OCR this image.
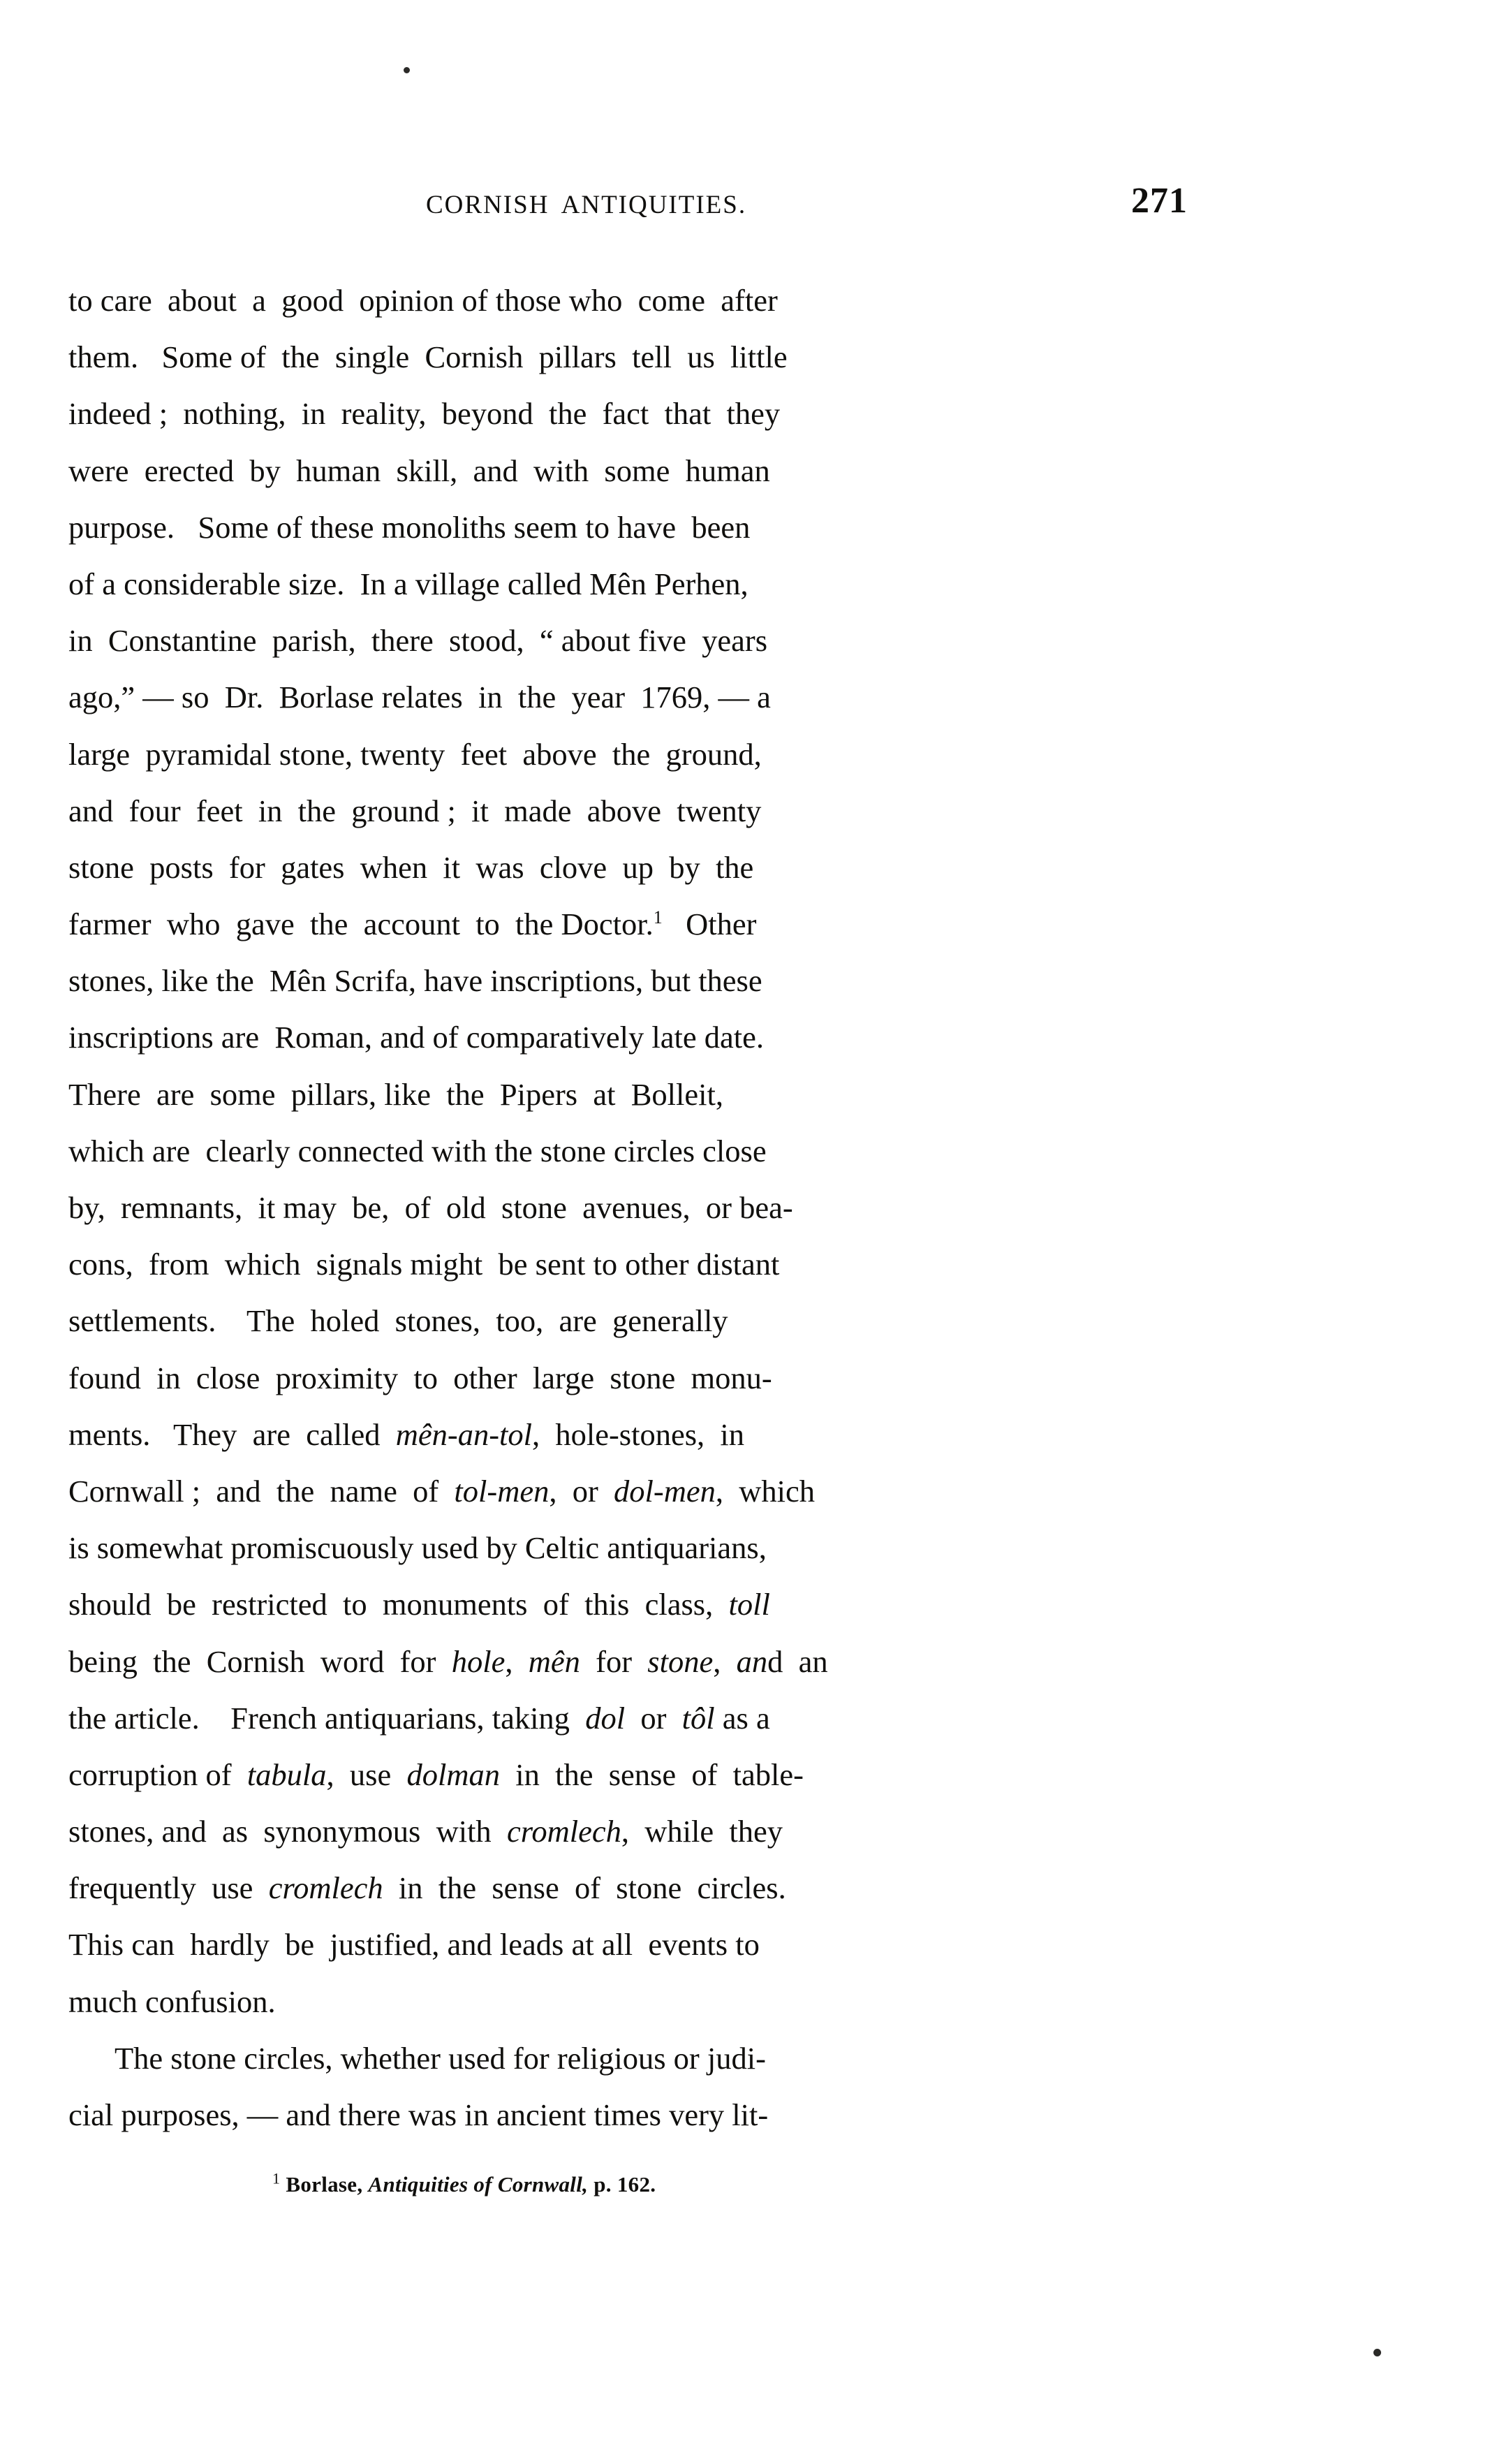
CORNISH ANTIQUITIES.	271
to care  about  a  good  opinion of those who  come  after
them.   Some of  the  single  Cornish  pillars  tell  us  little
indeed ;  nothing,  in  reality,  beyond  the  fact  that  they
were  erected  by  human  skill,  and  with  some  human
purpose.   Some of these monoliths seem to have  been
of a considerable size.  In a village called Mên Perhen,
in  Constantine  parish,  there  stood,  “ about five  years
ago,” — so  Dr.  Borlase relates  in  the  year  1769, — a
large  pyramidal stone, twenty  feet  above  the  ground,
and  four  feet  in  the  ground ;  it  made  above  twenty
stone  posts  for  gates  when  it  was  clove  up  by  the
farmer  who  gave  the  account  to  the Doctor.$^1$   Other
stones, like the  Mên Scrifa, have inscriptions, but these
inscriptions are  Roman, and of comparatively late date.
There  are  some  pillars, like  the  Pipers  at  Bolleit,
which are  clearly connected with the stone circles close
by,  remnants,  it may  be,  of  old  stone  avenues,  or bea-
cons,  from  which  signals might  be sent to other distant
settlements.    The  holed  stones,  too,  are  generally
found  in  close  proximity  to  other  large  stone  monu-
ments.   They  are  called  mên-an-tol,  hole-stones,  in
Cornwall ;  and  the  name  of  tol-men,  or  dol-men,  which
is somewhat promiscuously used by Celtic antiquarians,
should  be  restricted  to  monuments  of  this  class,  toll
being  the  Cornish  word  for  hole,  mên  for  stone,  and  an
the article.    French antiquarians, taking  dol  or  tôl as a
corruption of  tabula,  use  dolman  in  the  sense  of  table-
stones, and  as  synonymous  with  cromlech,  while  they
frequently  use  cromlech  in  the  sense  of  stone  circles.
This can  hardly  be  justified, and leads at all  events to
much confusion.
The stone circles, whether used for religious or judi-
cial purposes, — and there was in ancient times very lit-
$^1$ Borlase, Antiquities of Cornwall, p. 162.
